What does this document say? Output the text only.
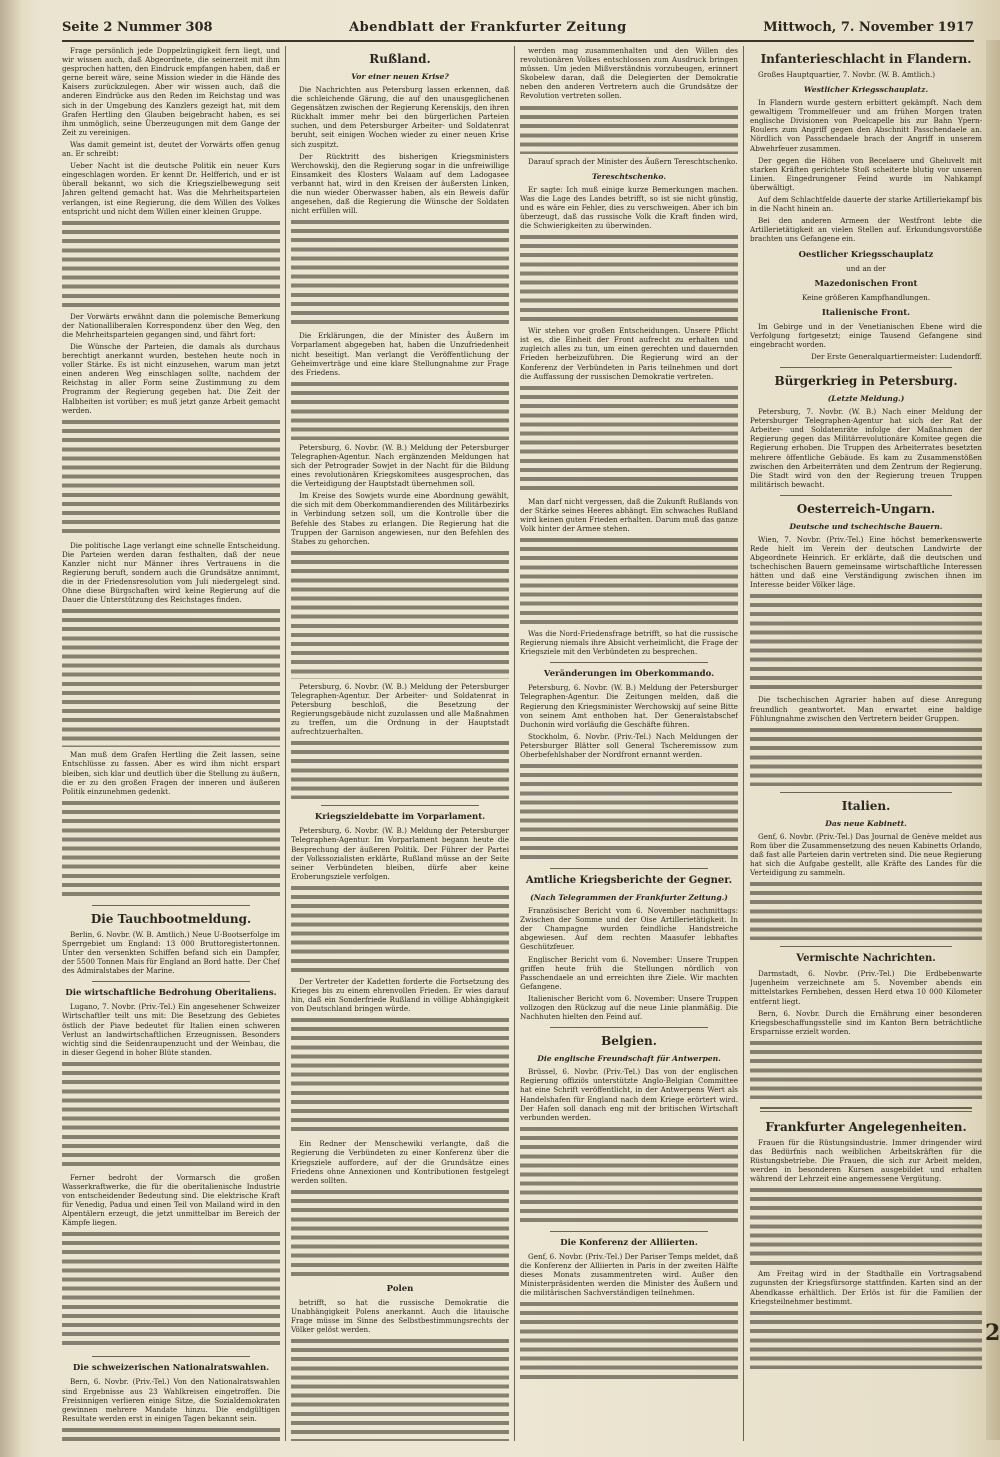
Seite 2 Nummer 308	Abendblatt der Frankfurter Zeitung	Mittwoch, 7. November 1917

Frage persönlich jede Doppelzüngigkeit fern liegt, und wir wissen auch, daß Abgeordnete, die seinerzeit mit ihm gesprochen hatten, den Eindruck empfangen haben, daß er gerne bereit wäre, seine Mission wieder in die Hände des Kaisers zurückzulegen. Aber wir wissen auch, daß die anderen Eindrücke aus den Reden im Reichstag und was sich in der Umgebung des Kanzlers gezeigt hat, mit dem Grafen Hertling den Glauben beigebracht haben, es sei ihm unmöglich, seine Überzeugungen mit dem Gange der Zeit zu vereinigen.

Was damit gemeint ist, deutet der Vorwärts offen genug an. Er schreibt:

Ueber Nacht ist die deutsche Politik ein neuer Kurs eingeschlagen worden. Er kennt Dr. Helfferich, und er ist überall bekannt, wo sich die Kriegszielbewegung seit Jahren geltend gemacht hat. Was die Mehrheitsparteien verlangen, ist eine Regierung, die dem Willen des Volkes entspricht und nicht dem Willen einer kleinen Gruppe.

Der Vorwärts erwähnt dann die polemische Bemerkung der Nationalliberalen Korrespondenz über den Weg, den die Mehrheitsparteien gegangen sind, und fährt fort:

Die Wünsche der Parteien, die damals als durchaus berechtigt anerkannt wurden, bestehen heute noch in voller Stärke. Es ist nicht einzusehen, warum man jetzt einen anderen Weg einschlagen sollte, nachdem der Reichstag in aller Form seine Zustimmung zu dem Programm der Regierung gegeben hat. Die Zeit der Halbheiten ist vorüber; es muß jetzt ganze Arbeit gemacht werden.

Die politische Lage verlangt eine schnelle Entscheidung. Die Parteien werden daran festhalten, daß der neue Kanzler nicht nur Männer ihres Vertrauens in die Regierung beruft, sondern auch die Grundsätze annimmt, die in der Friedensresolution vom Juli niedergelegt sind. Ohne diese Bürgschaften wird keine Regierung auf die Dauer die Unterstützung des Reichstages finden.

Man muß dem Grafen Hertling die Zeit lassen, seine Entschlüsse zu fassen. Aber es wird ihm nicht erspart bleiben, sich klar und deutlich über die Stellung zu äußern, die er zu den großen Fragen der inneren und äußeren Politik einzunehmen gedenkt.

Die Tauchbootmeldung.

Berlin, 6. Novbr. (W. B. Amtlich.) Neue U-Bootserfolge im Sperrgebiet um England: 13 000 Bruttoregistertonnen. Unter den versenkten Schiffen befand sich ein Dampfer, der 5500 Tonnen Mais für England an Bord hatte. Der Chef des Admiralstabes der Marine.

Die wirtschaftliche Bedrohung Oberitaliens.

Lugano, 7. Novbr. (Priv.-Tel.) Ein angesehener Schweizer Wirtschaftler teilt uns mit: Die Besetzung des Gebietes östlich der Piave bedeutet für Italien einen schweren Verlust an landwirtschaftlichen Erzeugnissen. Besonders wichtig sind die Seidenraupenzucht und der Weinbau, die in dieser Gegend in hoher Blüte standen.

Ferner bedroht der Vormarsch die großen Wasserkraftwerke, die für die oberitalienische Industrie von entscheidender Bedeutung sind. Die elektrische Kraft für Venedig, Padua und einen Teil von Mailand wird in den Alpentälern erzeugt, die jetzt unmittelbar im Bereich der Kämpfe liegen.

Die schweizerischen Nationalratswahlen.

Bern, 6. Novbr. (Priv.-Tel.) Von den Nationalratswahlen sind Ergebnisse aus 23 Wahlkreisen eingetroffen. Die Freisinnigen verlieren einige Sitze, die Sozialdemokraten gewinnen mehrere Mandate hinzu. Die endgültigen Resultate werden erst in einigen Tagen bekannt sein.

Rußland.
Vor einer neuen Krise?

Die Nachrichten aus Petersburg lassen erkennen, daß die schleichende Gärung, die auf den unausgeglichenen Gegensätzen zwischen der Regierung Kerenskijs, den ihren Rückhalt immer mehr bei den bürgerlichen Parteien suchen, und dem Petersburger Arbeiter- und Soldatenrat beruht, seit einigen Wochen wieder zu einer neuen Krise sich zuspitzt.

Der Rücktritt des bisherigen Kriegsministers Werchowskij, den die Regierung sogar in die unfreiwillige Einsamkeit des Klosters Walaam auf dem Ladogasee verbannt hat, wird in den Kreisen der äußersten Linken, die nun wieder Oberwasser haben, als ein Beweis dafür angesehen, daß die Regierung die Wünsche der Soldaten nicht erfüllen will.

Die Erklärungen, die der Minister des Äußern im Vorparlament abgegeben hat, haben die Unzufriedenheit nicht beseitigt. Man verlangt die Veröffentlichung der Geheimverträge und eine klare Stellungnahme zur Frage des Friedens.

Petersburg, 6. Novbr. (W. B.) Meldung der Petersburger Telegraphen-Agentur. Nach ergänzenden Meldungen hat sich der Petrograder Sowjet in der Nacht für die Bildung eines revolutionären Kriegskomitees ausgesprochen, das die Verteidigung der Hauptstadt übernehmen soll.

Im Kreise des Sowjets wurde eine Abordnung gewählt, die sich mit dem Oberkommandierenden des Militärbezirks in Verbindung setzen soll, um die Kontrolle über die Befehle des Stabes zu erlangen. Die Regierung hat die Truppen der Garnison angewiesen, nur den Befehlen des Stabes zu gehorchen.

Petersburg, 6. Novbr. (W. B.) Meldung der Petersburger Telegraphen-Agentur. Der Arbeiter- und Soldatenrat in Petersburg beschloß, die Besetzung der Regierungsgebäude nicht zuzulassen und alle Maßnahmen zu treffen, um die Ordnung in der Hauptstadt aufrechtzuerhalten.

Kriegszieldebatte im Vorparlament.

Petersburg, 6. Novbr. (W. B.) Meldung der Petersburger Telegraphen-Agentur. Im Vorparlament begann heute die Besprechung der äußeren Politik. Der Führer der Partei der Volkssozialisten erklärte, Rußland müsse an der Seite seiner Verbündeten bleiben, dürfe aber keine Eroberungsziele verfolgen.

Der Vertreter der Kadetten forderte die Fortsetzung des Krieges bis zu einem ehrenvollen Frieden. Er wies darauf hin, daß ein Sonderfriede Rußland in völlige Abhängigkeit von Deutschland bringen würde.

Ein Redner der Menschewiki verlangte, daß die Regierung die Verbündeten zu einer Konferenz über die Kriegsziele auffordere, auf der die Grundsätze eines Friedens ohne Annexionen und Kontributionen festgelegt werden sollten.

Polen

betrifft, so hat die russische Demokratie die Unabhängigkeit Polens anerkannt. Auch die litauische Frage müsse im Sinne des Selbstbestimmungsrechts der Völker gelöst werden.

werden mag zusammenhalten und den Willen des revolutionären Volkes entschlossen zum Ausdruck bringen müssen. Um jeden Mißverständnis vorzubeugen, erinnert Skobelew daran, daß die Delegierten der Demokratie neben den anderen Vertretern auch die Grundsätze der Revolution vertreten sollen.

Darauf sprach der Minister des Äußern Tereschtschenko.

Tereschtschenko.

Er sagte: Ich muß einige kurze Bemerkungen machen. Was die Lage des Landes betrifft, so ist sie nicht günstig, und es wäre ein Fehler, dies zu verschweigen. Aber ich bin überzeugt, daß das russische Volk die Kraft finden wird, die Schwierigkeiten zu überwinden.

Wir stehen vor großen Entscheidungen. Unsere Pflicht ist es, die Einheit der Front aufrecht zu erhalten und zugleich alles zu tun, um einen gerechten und dauernden Frieden herbeizuführen. Die Regierung wird an der Konferenz der Verbündeten in Paris teilnehmen und dort die Auffassung der russischen Demokratie vertreten.

Man darf nicht vergessen, daß die Zukunft Rußlands von der Stärke seines Heeres abhängt. Ein schwaches Rußland wird keinen guten Frieden erhalten. Darum muß das ganze Volk hinter der Armee stehen.

Was die Nord-Friedensfrage betrifft, so hat die russische Regierung niemals ihre Absicht verheimlicht, die Frage der Kriegsziele mit den Verbündeten zu besprechen.

Veränderungen im Oberkommando.

Petersburg, 6. Novbr. (W. B.) Meldung der Petersburger Telegraphen-Agentur. Die Zeitungen melden, daß die Regierung den Kriegsminister Werchowskij auf seine Bitte von seinem Amt enthoben hat. Der Generalstabschef Duchonin wird vorläufig die Geschäfte führen.

Stockholm, 6. Novbr. (Priv.-Tel.) Nach Meldungen der Petersburger Blätter soll General Tscheremissow zum Oberbefehlshaber der Nordfront ernannt werden.

Amtliche Kriegsberichte der Gegner.
(Nach Telegrammen der Frankfurter Zeitung.)

Französischer Bericht vom 6. November nachmittags: Zwischen der Somme und der Oise Artillerietätigkeit. In der Champagne wurden feindliche Handstreiche abgewiesen. Auf dem rechten Maasufer lebhaftes Geschützfeuer.

Englischer Bericht vom 6. November: Unsere Truppen griffen heute früh die Stellungen nördlich von Passchendaele an und erreichten ihre Ziele. Wir machten Gefangene.

Italienischer Bericht vom 6. November: Unsere Truppen vollzogen den Rückzug auf die neue Linie planmäßig. Die Nachhuten hielten den Feind auf.

Belgien.
Die englische Freundschaft für Antwerpen.

Brüssel, 6. Novbr. (Priv.-Tel.) Das von der englischen Regierung offiziös unterstützte Anglo-Belgian Committee hat eine Schrift veröffentlicht, in der Antwerpens Wert als Handelshafen für England nach dem Kriege erörtert wird. Der Hafen soll danach eng mit der britischen Wirtschaft verbunden werden.

Die Konferenz der Alliierten.

Genf, 6. Novbr. (Priv.-Tel.) Der Pariser Temps meldet, daß die Konferenz der Alliierten in Paris in der zweiten Hälfte dieses Monats zusammentreten wird. Außer den Ministerpräsidenten werden die Minister des Äußern und die militärischen Sachverständigen teilnehmen.

Infanterieschlacht in Flandern.

Großes Hauptquartier, 7. Novbr. (W. B. Amtlich.)

Westlicher Kriegsschauplatz.

In Flandern wurde gestern erbittert gekämpft. Nach dem gewaltigem Trommelfeuer und am frühen Morgen traten englische Divisionen von Poelcapelle bis zur Bahn Ypern-Roulers zum Angriff gegen den Abschnitt Passchendaele an. Nördlich von Passchendaele brach der Angriff in unserem Abwehrfeuer zusammen.

Der gegen die Höhen von Becelaere und Gheluvelt mit starken Kräften gerichtete Stoß scheiterte blutig vor unseren Linien. Eingedrungener Feind wurde im Nahkampf überwältigt.

Auf dem Schlachtfelde dauerte der starke Artilleriekampf bis in die Nacht hinein an.

Bei den anderen Armeen der Westfront lebte die Artillerietätigkeit an vielen Stellen auf. Erkundungsvorstöße brachten uns Gefangene ein.

Oestlicher Kriegsschauplatz

und an der

Mazedonischen Front

Keine größeren Kampfhandlungen.

Italienische Front.

Im Gebirge und in der Venetianischen Ebene wird die Verfolgung fortgesetzt; einige Tausend Gefangene sind eingebracht worden.

Der Erste Generalquartiermeister: Ludendorff.

Bürgerkrieg in Petersburg.
(Letzte Meldung.)

Petersburg, 7. Novbr. (W. B.) Nach einer Meldung der Petersburger Telegraphen-Agentur hat sich der Rat der Arbeiter- und Soldatenräte infolge der Maßnahmen der Regierung gegen das Militärrevolutionäre Komitee gegen die Regierung erhoben. Die Truppen des Arbeiterrates besetzten mehrere öffentliche Gebäude. Es kam zu Zusammenstößen zwischen den Arbeiterräten und dem Zentrum der Regierung. Die Stadt wird von den der Regierung treuen Truppen militärisch bewacht.

Oesterreich-Ungarn.
Deutsche und tschechische Bauern.

Wien, 7. Novbr. (Priv.-Tel.) Eine höchst bemerkenswerte Rede hielt im Verein der deutschen Landwirte der Abgeordnete Heinrich. Er erklärte, daß die deutschen und tschechischen Bauern gemeinsame wirtschaftliche Interessen hätten und daß eine Verständigung zwischen ihnen im Interesse beider Völker läge.

Die tschechischen Agrarier haben auf diese Anregung freundlich geantwortet. Man erwartet eine baldige Fühlungnahme zwischen den Vertretern beider Gruppen.

Italien.
Das neue Kabinett.

Genf, 6. Novbr. (Priv.-Tel.) Das Journal de Genève meldet aus Rom über die Zusammensetzung des neuen Kabinetts Orlando, daß fast alle Parteien darin vertreten sind. Die neue Regierung hat sich die Aufgabe gestellt, alle Kräfte des Landes für die Verteidigung zu sammeln.

Vermischte Nachrichten.

Darmstadt, 6. Novbr. (Priv.-Tel.) Die Erdbebenwarte Jugenheim verzeichnete am 5. November abends ein mittelstarkes Fernbeben, dessen Herd etwa 10 000 Kilometer entfernt liegt.

Bern, 6. Novbr. Durch die Ernährung einer besonderen Kriegsbeschaffungsstelle sind im Kanton Bern beträchtliche Ersparnisse erzielt worden.

Frankfurter Angelegenheiten.

Frauen für die Rüstungsindustrie. Immer dringender wird das Bedürfnis nach weiblichen Arbeitskräften für die Rüstungsbetriebe. Die Frauen, die sich zur Arbeit melden, werden in besonderen Kursen ausgebildet und erhalten während der Lehrzeit eine angemessene Vergütung.

Am Freitag wird in der Stadthalle ein Vortragsabend zugunsten der Kriegsfürsorge stattfinden. Karten sind an der Abendkasse erhältlich. Der Erlös ist für die Familien der Kriegsteilnehmer bestimmt.

2
